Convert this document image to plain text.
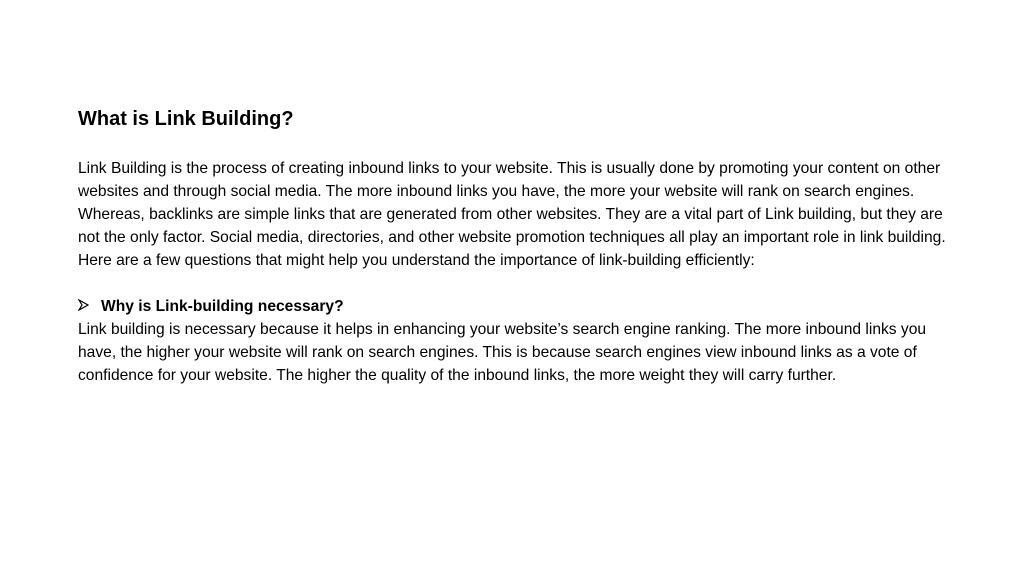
What is Link Building?

Link Building is the process of creating inbound links to your website. This is usually done by promoting your content on other websites and through social media. The more inbound links you have, the more your website will rank on search engines.

Whereas, backlinks are simple links that are generated from other websites. They are a vital part of Link building, but they are not the only factor. Social media, directories, and other website promotion techniques all play an important role in link building. Here are a few questions that might help you understand the importance of link-building efficiently:

Why is Link-building necessary?

Link building is necessary because it helps in enhancing your website’s search engine ranking. The more inbound links you have, the higher your website will rank on search engines. This is because search engines view inbound links as a vote of confidence for your website. The higher the quality of the inbound links, the more weight they will carry further.
